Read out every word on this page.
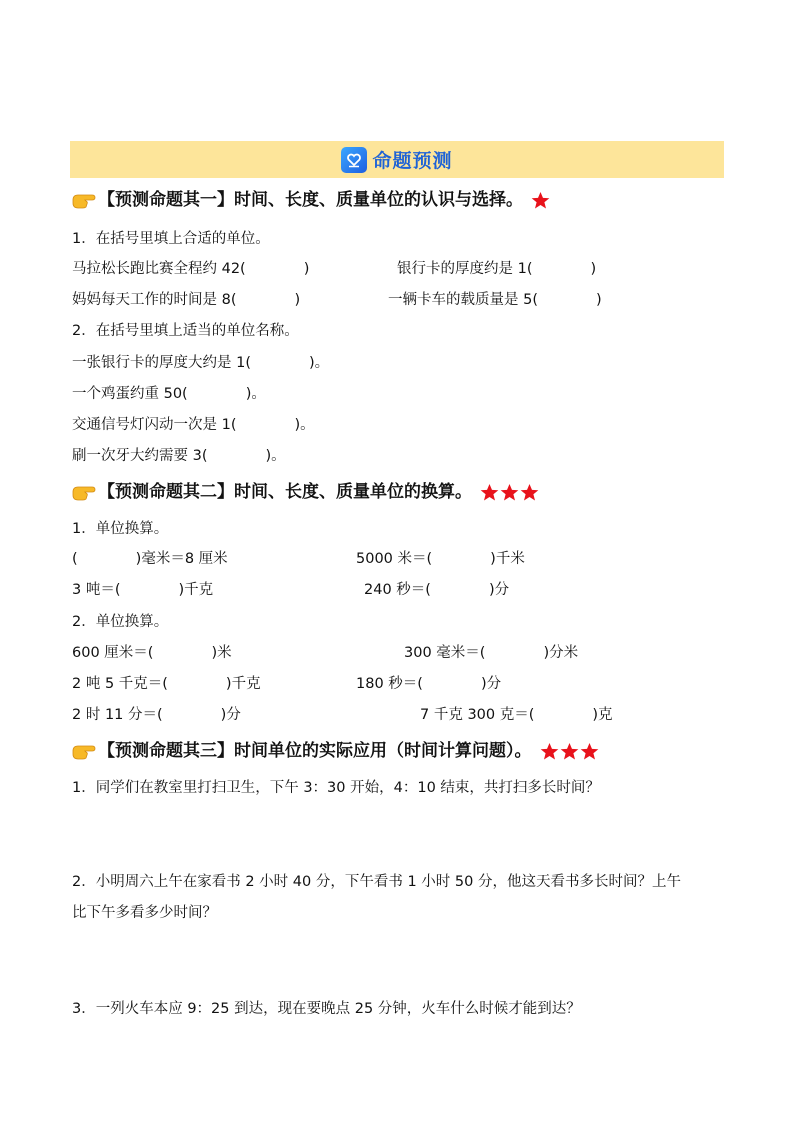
命题预测
【预测命题其一】时间、长度、质量单位的认识与选择。
1．在括号里填上合适的单位。
马拉松长跑比赛全程约 42(　　　　)	银行卡的厚度约是 1(　　　　)
妈妈每天工作的时间是 8(　　　　)	一辆卡车的载质量是 5(　　　　)
2．在括号里填上适当的单位名称。
一张银行卡的厚度大约是 1(　　　　)。
一个鸡蛋约重 50(　　　　)。
交通信号灯闪动一次是 1(　　　　)。
刷一次牙大约需要 3(　　　　)。
【预测命题其二】时间、长度、质量单位的换算。
1．单位换算。
(　　　　)毫米＝8 厘米	5000 米＝(　　　　)千米
3 吨＝(　　　　)千克	240 秒＝(　　　　)分
2．单位换算。
600 厘米＝(　　　　)米	300 毫米＝(　　　　)分米
2 吨 5 千克＝(　　　　)千克	180 秒＝(　　　　)分
2 时 11 分＝(　　　　)分	7 千克 300 克＝(　　　　)克
【预测命题其三】时间单位的实际应用（时间计算问题）。
1．同学们在教室里打扫卫生，下午 3：30 开始，4：10 结束，共打扫多长时间？
2．小明周六上午在家看书 2 小时 40 分，下午看书 1 小时 50 分，他这天看书多长时间？上午
比下午多看多少时间？
3．一列火车本应 9：25 到达，现在要晚点 25 分钟，火车什么时候才能到达？
